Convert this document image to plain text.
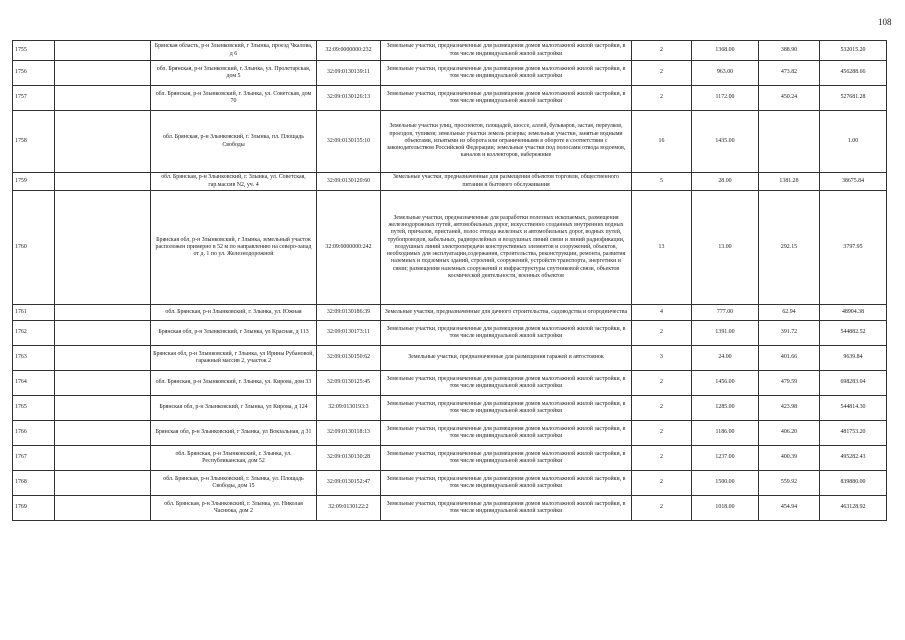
108
1755		Брянская область, р-н Злынковский, г Злынка, проезд Чкалова, д 6	32:09:0000000:232	Земельные участки, предназначенные для размещения домов малоэтажной жилой застройки, в том числе индивидуальной жилой застройки	2	1368.00	388.90	532015.20
1756		обл. Брянская, р-н Злынковский, г. Злынка, ул. Пролетарская, дом 5	32:09:0130139:11	Земельные участки, предназначенные для размещения домов малоэтажной жилой застройки, в том числе индивидуальной жилой застройки	2	963.00	473.82	456288.66
1757		обл. Брянская, р-н Злынковский, г. Злынка, ул. Советская, дом 70	32:09:0130126:13	Земельные участки, предназначенные для размещения домов малоэтажной жилой застройки, в том числе индивидуальной жилой застройки	2	1172.00	450.24	527681.28
1758		обл. Брянская, р-н Злынковский, г. Злынка, пл. Площадь Свободы	32:09:0130135:10	Земельные участки улиц, проспектов, площадей, шоссе, аллей, бульваров, застав, переулков, проездов, тупиков; земельные участки земель резерва; земельные участки, занятые водными объектами, изъятыми из оборота или ограниченными в обороте в соответствии с законодательством Российской Федерации; земельные участки под полосами отвода водоемов, каналов и коллекторов, набережные	16	1435.00		1.00
1759		обл. Брянская, р-н Злынковский, г. Злынка, ул. Советская, гар.массив N2, уч. 4	32:09:0130120:60	Земельные участки, предназначенные для размещения объектов торговли, общественного питания и бытового обслуживания	5	28.00	1381.28	38675.84
1760		Брянская обл, р-н Злынковский, г Злынка, земельный участок расположен примерно в 52 м по направлению на северо-запад от д. 1 по ул. Железнодорожной	32:09:0000000:242	Земельные участки, предназначенные для разработки полезных ископаемых, размещения железнодорожных путей, автомобильных дорог, искусственно созданных внутренних водных путей, причалов, пристаней, полос отвода железных и автомобильных дорог, водных путей, трубопроводов, кабельных, радиорелейных и воздушных линий связи и линий радиофикации, воздушных линий электропередачи конструктивных элементов и сооружений, объектов, необходимых для эксплуатации,содержания, строительства, реконструкции, ремонта, развития наземных и подземных зданий, строений, сооружений, устройств транспорта, энергетики и связи; размещения наземных сооружений и инфраструктуры спутниковой связи, объектов космической деятельности, военных объектов	13	13.00	292.15	3797.95
1761		обл. Брянская, р-н Злынковский, г. Злынка, ул. Южная	32:09:0130186:39	Земельные участки, предназначенные для дачного строительства, садоводства и огородничества	4	777.00	62.94	48904.38
1762		Брянская обл, р-н Злынковский, г Злынка, ул Красная, д 113	32:09:0130173:11	Земельные участки, предназначенные для размещения домов малоэтажной жилой застройки, в том числе индивидуальной жилой застройки	2	1391.00	391.72	544882.52
1763		Брянская обл, р-н Злынковский, г Злынка, ул Ирины Рубановой, гаражный массив 2, участок 2	32:09:0130150:62	Земельные участки, предназначенные для размещения гаражей и автостоянок	3	24.00	401.66	9639.84
1764		обл. Брянская, р-н Злынковский, г. Злынка, ул. Кирова, дом 33	32:09:0130125:45	Земельные участки, предназначенные для размещения домов малоэтажной жилой застройки, в том числе индивидуальной жилой застройки	2	1456.00	479.59	698283.04
1765		Брянская обл, р-н Злынковский, г Злынка, ул Кирова, д 124	32:09:0130193:3	Земельные участки, предназначенные для размещения домов малоэтажной жилой застройки, в том числе индивидуальной жилой застройки	2	1285.00	423.98	544814.30
1766		Брянская обл, р-н Злынковский, г Злынка, ул Вокзальная, д 31	32:09:0130118:13	Земельные участки, предназначенные для размещения домов малоэтажной жилой застройки, в том числе индивидуальной жилой застройки	2	1186.00	406.20	481753.20
1767		обл. Брянская, р-н Злынковский, г. Злынка, ул. Республиканская, дом 52	32:09:0130130:28	Земельные участки, предназначенные для размещения домов малоэтажной жилой застройки, в том числе индивидуальной жилой застройки	2	1237.00	400.39	495282.43
1768		обл. Брянская, р-н Злынковский, г. Злынка, ул. Площадь Свободы, дом 15	32:09:0130152:47	Земельные участки, предназначенные для размещения домов малоэтажной жилой застройки, в том числе индивидуальной жилой застройки	2	1500.00	559.92	839880.00
1769		обл. Брянская, р-н Злынковский, г. Злынка, ул. Николая Часнюка, дом 2	32:09:0130122:2	Земельные участки, предназначенные для размещения домов малоэтажной жилой застройки, в том числе индивидуальной жилой застройки	2	1018.00	454.94	463128.92
